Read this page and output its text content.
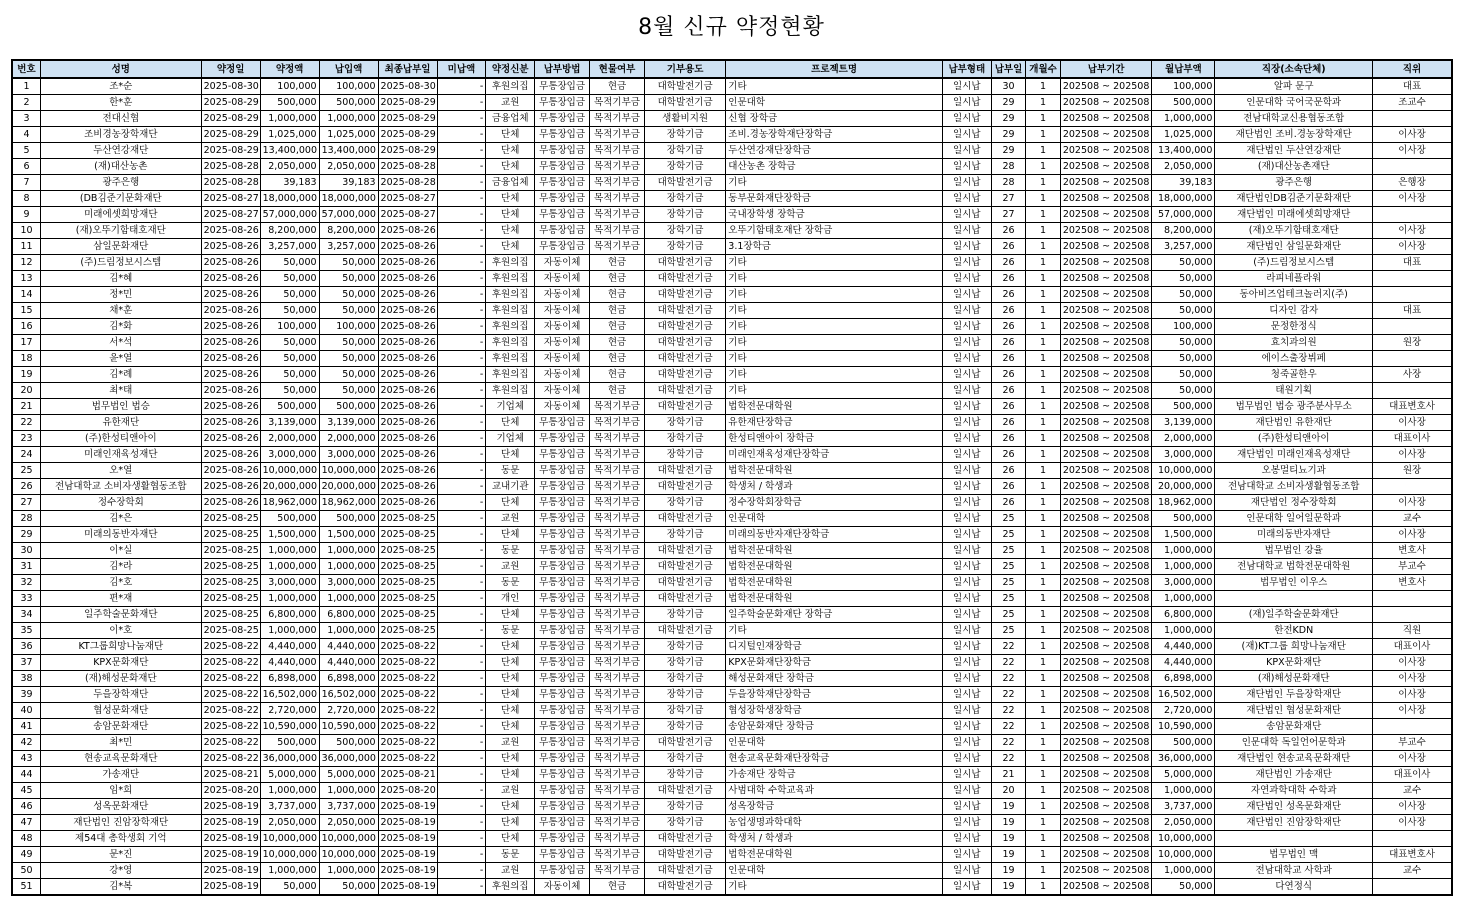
8월 신규 약정현황
번호	성명	약정일	약정액	납입액	최종납부일	미납액	약정신분	납부방법	현물여부	기부용도	프로젝트명	납부형태	납부일	개월수	납부기간	월납부액	직장(소속단체)	직위
1	조*순	2025-08-30	100,000	100,000	2025-08-30	-	후원의집	무통장입금	현금	대학발전기금	기타	일시납	30	1	202508 ~ 202508	100,000	알파 문구	대표
2	한*훈	2025-08-29	500,000	500,000	2025-08-29	-	교원	무통장입금	목적기부금	대학발전기금	인문대학	일시납	29	1	202508 ~ 202508	500,000	인문대학 국어국문학과	조교수
3	전대신협	2025-08-29	1,000,000	1,000,000	2025-08-29	-	금융업체	무통장입금	목적기부금	생활비지원	신협 장학금	일시납	29	1	202508 ~ 202508	1,000,000	전남대학교신용협동조합	
4	조비경농장학재단	2025-08-29	1,025,000	1,025,000	2025-08-29	-	단체	무통장입금	목적기부금	장학기금	조비.경농장학재단장학금	일시납	29	1	202508 ~ 202508	1,025,000	재단법인 조비.경농장학재단	이사장
5	두산연강재단	2025-08-29	13,400,000	13,400,000	2025-08-29	-	단체	무통장입금	목적기부금	장학기금	두산연강재단장학금	일시납	29	1	202508 ~ 202508	13,400,000	재단법인 두산연강재단	이사장
6	(재)대산농촌	2025-08-28	2,050,000	2,050,000	2025-08-28	-	단체	무통장입금	목적기부금	장학기금	대산농촌 장학금	일시납	28	1	202508 ~ 202508	2,050,000	(재)대산농촌재단	
7	광주은행	2025-08-28	39,183	39,183	2025-08-28	-	금융업체	무통장입금	목적기부금	대학발전기금	기타	일시납	28	1	202508 ~ 202508	39,183	광주은행	은행장
8	(DB김준기문화재단	2025-08-27	18,000,000	18,000,000	2025-08-27	-	단체	무통장입금	목적기부금	장학기금	동부문화재단장학금	일시납	27	1	202508 ~ 202508	18,000,000	재단법인DB김준기문화재단	이사장
9	미래에셋희망재단	2025-08-27	57,000,000	57,000,000	2025-08-27	-	단체	무통장입금	목적기부금	장학기금	국내장학생 장학금	일시납	27	1	202508 ~ 202508	57,000,000	재단법인 미래에셋희망재단	
10	(재)오뚜기함태호재단	2025-08-26	8,200,000	8,200,000	2025-08-26	-	단체	무통장입금	목적기부금	장학기금	오뚜기함태호재단 장학금	일시납	26	1	202508 ~ 202508	8,200,000	(재)오뚜기함태호재단	이사장
11	삼일문화재단	2025-08-26	3,257,000	3,257,000	2025-08-26	-	단체	무통장입금	목적기부금	장학기금	3.1장학금	일시납	26	1	202508 ~ 202508	3,257,000	재단법인 삼일문화재단	이사장
12	(주)드림정보시스템	2025-08-26	50,000	50,000	2025-08-26	-	후원의집	자동이체	현금	대학발전기금	기타	일시납	26	1	202508 ~ 202508	50,000	(주)드림정보시스템	대표
13	김*혜	2025-08-26	50,000	50,000	2025-08-26	-	후원의집	자동이체	현금	대학발전기금	기타	일시납	26	1	202508 ~ 202508	50,000	라피네플라워	
14	정*민	2025-08-26	50,000	50,000	2025-08-26	-	후원의집	자동이체	현금	대학발전기금	기타	일시납	26	1	202508 ~ 202508	50,000	동아비즈업테크놀러지(주)	
15	채*훈	2025-08-26	50,000	50,000	2025-08-26	-	후원의집	자동이체	현금	대학발전기금	기타	일시납	26	1	202508 ~ 202508	50,000	디자인 감자	대표
16	김*화	2025-08-26	100,000	100,000	2025-08-26	-	후원의집	자동이체	현금	대학발전기금	기타	일시납	26	1	202508 ~ 202508	100,000	문정한정식	
17	서*석	2025-08-26	50,000	50,000	2025-08-26	-	후원의집	자동이체	현금	대학발전기금	기타	일시납	26	1	202508 ~ 202508	50,000	효치과의원	원장
18	윤*열	2025-08-26	50,000	50,000	2025-08-26	-	후원의집	자동이체	현금	대학발전기금	기타	일시납	26	1	202508 ~ 202508	50,000	에이스출장뷔페	
19	김*례	2025-08-26	50,000	50,000	2025-08-26	-	후원의집	자동이체	현금	대학발전기금	기타	일시납	26	1	202508 ~ 202508	50,000	청죽골한우	사장
20	최*태	2025-08-26	50,000	50,000	2025-08-26	-	후원의집	자동이체	현금	대학발전기금	기타	일시납	26	1	202508 ~ 202508	50,000	태원기획	
21	법무법인 법승	2025-08-26	500,000	500,000	2025-08-26	-	기업체	자동이체	목적기부금	대학발전기금	법학전문대학원	일시납	26	1	202508 ~ 202508	500,000	법무법인 법승 광주분사무소	대표변호사
22	유한재단	2025-08-26	3,139,000	3,139,000	2025-08-26	-	단체	무통장입금	목적기부금	장학기금	유한재단장학금	일시납	26	1	202508 ~ 202508	3,139,000	재단법인 유한재단	이사장
23	(주)한성티앤아이	2025-08-26	2,000,000	2,000,000	2025-08-26	-	기업체	무통장입금	목적기부금	장학기금	한성티앤아이 장학금	일시납	26	1	202508 ~ 202508	2,000,000	(주)한성티앤아이	대표이사
24	미래인재육성재단	2025-08-26	3,000,000	3,000,000	2025-08-26	-	단체	무통장입금	목적기부금	장학기금	미래인재육성재단장학금	일시납	26	1	202508 ~ 202508	3,000,000	재단법인 미래인재육성재단	이사장
25	오*열	2025-08-26	10,000,000	10,000,000	2025-08-26	-	동문	무통장입금	목적기부금	대학발전기금	법학전문대학원	일시납	26	1	202508 ~ 202508	10,000,000	오봉멀티뇨기과	원장
26	전남대학교 소비자생활협동조합	2025-08-26	20,000,000	20,000,000	2025-08-26	-	교내기관	무통장입금	목적기부금	대학발전기금	학생처 / 학생과	일시납	26	1	202508 ~ 202508	20,000,000	전남대학교 소비자생활협동조합	
27	정수장학회	2025-08-26	18,962,000	18,962,000	2025-08-26	-	단체	무통장입금	목적기부금	장학기금	정수장학회장학금	일시납	26	1	202508 ~ 202508	18,962,000	재단법인 정수장학회	이사장
28	김*은	2025-08-25	500,000	500,000	2025-08-25	-	교원	무통장입금	목적기부금	대학발전기금	인문대학	일시납	25	1	202508 ~ 202508	500,000	인문대학 일어일문학과	교수
29	미래의동반자재단	2025-08-25	1,500,000	1,500,000	2025-08-25	-	단체	무통장입금	목적기부금	장학기금	미래의동반자재단장학금	일시납	25	1	202508 ~ 202508	1,500,000	미래의동반자재단	이사장
30	이*실	2025-08-25	1,000,000	1,000,000	2025-08-25	-	동문	무통장입금	목적기부금	대학발전기금	법학전문대학원	일시납	25	1	202508 ~ 202508	1,000,000	법무법인 강율	변호사
31	김*라	2025-08-25	1,000,000	1,000,000	2025-08-25	-	교원	무통장입금	목적기부금	대학발전기금	법학전문대학원	일시납	25	1	202508 ~ 202508	1,000,000	전남대학교 법학전문대학원	부교수
32	김*호	2025-08-25	3,000,000	3,000,000	2025-08-25	-	동문	무통장입금	목적기부금	대학발전기금	법학전문대학원	일시납	25	1	202508 ~ 202508	3,000,000	법무법인 이우스	변호사
33	편*재	2025-08-25	1,000,000	1,000,000	2025-08-25	-	개인	무통장입금	목적기부금	대학발전기금	법학전문대학원	일시납	25	1	202508 ~ 202508	1,000,000		
34	일주학술문화재단	2025-08-25	6,800,000	6,800,000	2025-08-25	-	단체	무통장입금	목적기부금	장학기금	일주학술문화재단 장학금	일시납	25	1	202508 ~ 202508	6,800,000	(재)일주학술문화재단	
35	이*호	2025-08-25	1,000,000	1,000,000	2025-08-25	-	동문	무통장입금	목적기부금	대학발전기금	기타	일시납	25	1	202508 ~ 202508	1,000,000	한전KDN	직원
36	KT그룹희망나눔재단	2025-08-22	4,440,000	4,440,000	2025-08-22	-	단체	무통장입금	목적기부금	장학기금	디지털인재장학금	일시납	22	1	202508 ~ 202508	4,440,000	(재)KT그룹 희망나눔재단	대표이사
37	KPX문화재단	2025-08-22	4,440,000	4,440,000	2025-08-22	-	단체	무통장입금	목적기부금	장학기금	KPX문화재단장학금	일시납	22	1	202508 ~ 202508	4,440,000	KPX문화재단	이사장
38	(재)해성문화재단	2025-08-22	6,898,000	6,898,000	2025-08-22	-	단체	무통장입금	목적기부금	장학기금	해성문화재단 장학금	일시납	22	1	202508 ~ 202508	6,898,000	(재)해성문화재단	이사장
39	두을장학재단	2025-08-22	16,502,000	16,502,000	2025-08-22	-	단체	무통장입금	목적기부금	장학기금	두을장학재단장학금	일시납	22	1	202508 ~ 202508	16,502,000	재단법인 두을장학재단	이사장
40	협성문화재단	2025-08-22	2,720,000	2,720,000	2025-08-22	-	단체	무통장입금	목적기부금	장학기금	협성장학생장학금	일시납	22	1	202508 ~ 202508	2,720,000	재단법인 협성문화재단	이사장
41	송암문화재단	2025-08-22	10,590,000	10,590,000	2025-08-22	-	단체	무통장입금	목적기부금	장학기금	송암문화재단 장학금	일시납	22	1	202508 ~ 202508	10,590,000	송암문화재단	
42	최*민	2025-08-22	500,000	500,000	2025-08-22	-	교원	무통장입금	목적기부금	대학발전기금	인문대학	일시납	22	1	202508 ~ 202508	500,000	인문대학 독일언어문학과	부교수
43	현송교육문화재단	2025-08-22	36,000,000	36,000,000	2025-08-22	-	단체	무통장입금	목적기부금	장학기금	현송교육문화재단장학금	일시납	22	1	202508 ~ 202508	36,000,000	재단법인 현송교육문화재단	이사장
44	가송재단	2025-08-21	5,000,000	5,000,000	2025-08-21	-	단체	무통장입금	목적기부금	장학기금	가송재단 장학금	일시납	21	1	202508 ~ 202508	5,000,000	재단법인 가송재단	대표이사
45	임*희	2025-08-20	1,000,000	1,000,000	2025-08-20	-	교원	무통장입금	목적기부금	대학발전기금	사범대학 수학교육과	일시납	20	1	202508 ~ 202508	1,000,000	자연과학대학 수학과	교수
46	성옥문화재단	2025-08-19	3,737,000	3,737,000	2025-08-19	-	단체	무통장입금	목적기부금	장학기금	성옥장학금	일시납	19	1	202508 ~ 202508	3,737,000	재단법인 성옥문화재단	이사장
47	재단법인 진암장학재단	2025-08-19	2,050,000	2,050,000	2025-08-19	-	단체	무통장입금	목적기부금	장학기금	농업생명과학대학	일시납	19	1	202508 ~ 202508	2,050,000	재단법인 진암장학재단	이사장
48	제54대 총학생회 기억	2025-08-19	10,000,000	10,000,000	2025-08-19	-	단체	무통장입금	목적기부금	대학발전기금	학생처 / 학생과	일시납	19	1	202508 ~ 202508	10,000,000		
49	문*진	2025-08-19	10,000,000	10,000,000	2025-08-19	-	동문	무통장입금	목적기부금	대학발전기금	법학전문대학원	일시납	19	1	202508 ~ 202508	10,000,000	법무법인 맥	대표변호사
50	강*영	2025-08-19	1,000,000	1,000,000	2025-08-19	-	교원	무통장입금	목적기부금	대학발전기금	인문대학	일시납	19	1	202508 ~ 202508	1,000,000	전남대학교 사학과	교수
51	김*복	2025-08-19	50,000	50,000	2025-08-19	-	후원의집	자동이체	현금	대학발전기금	기타	일시납	19	1	202508 ~ 202508	50,000	다연정식	
